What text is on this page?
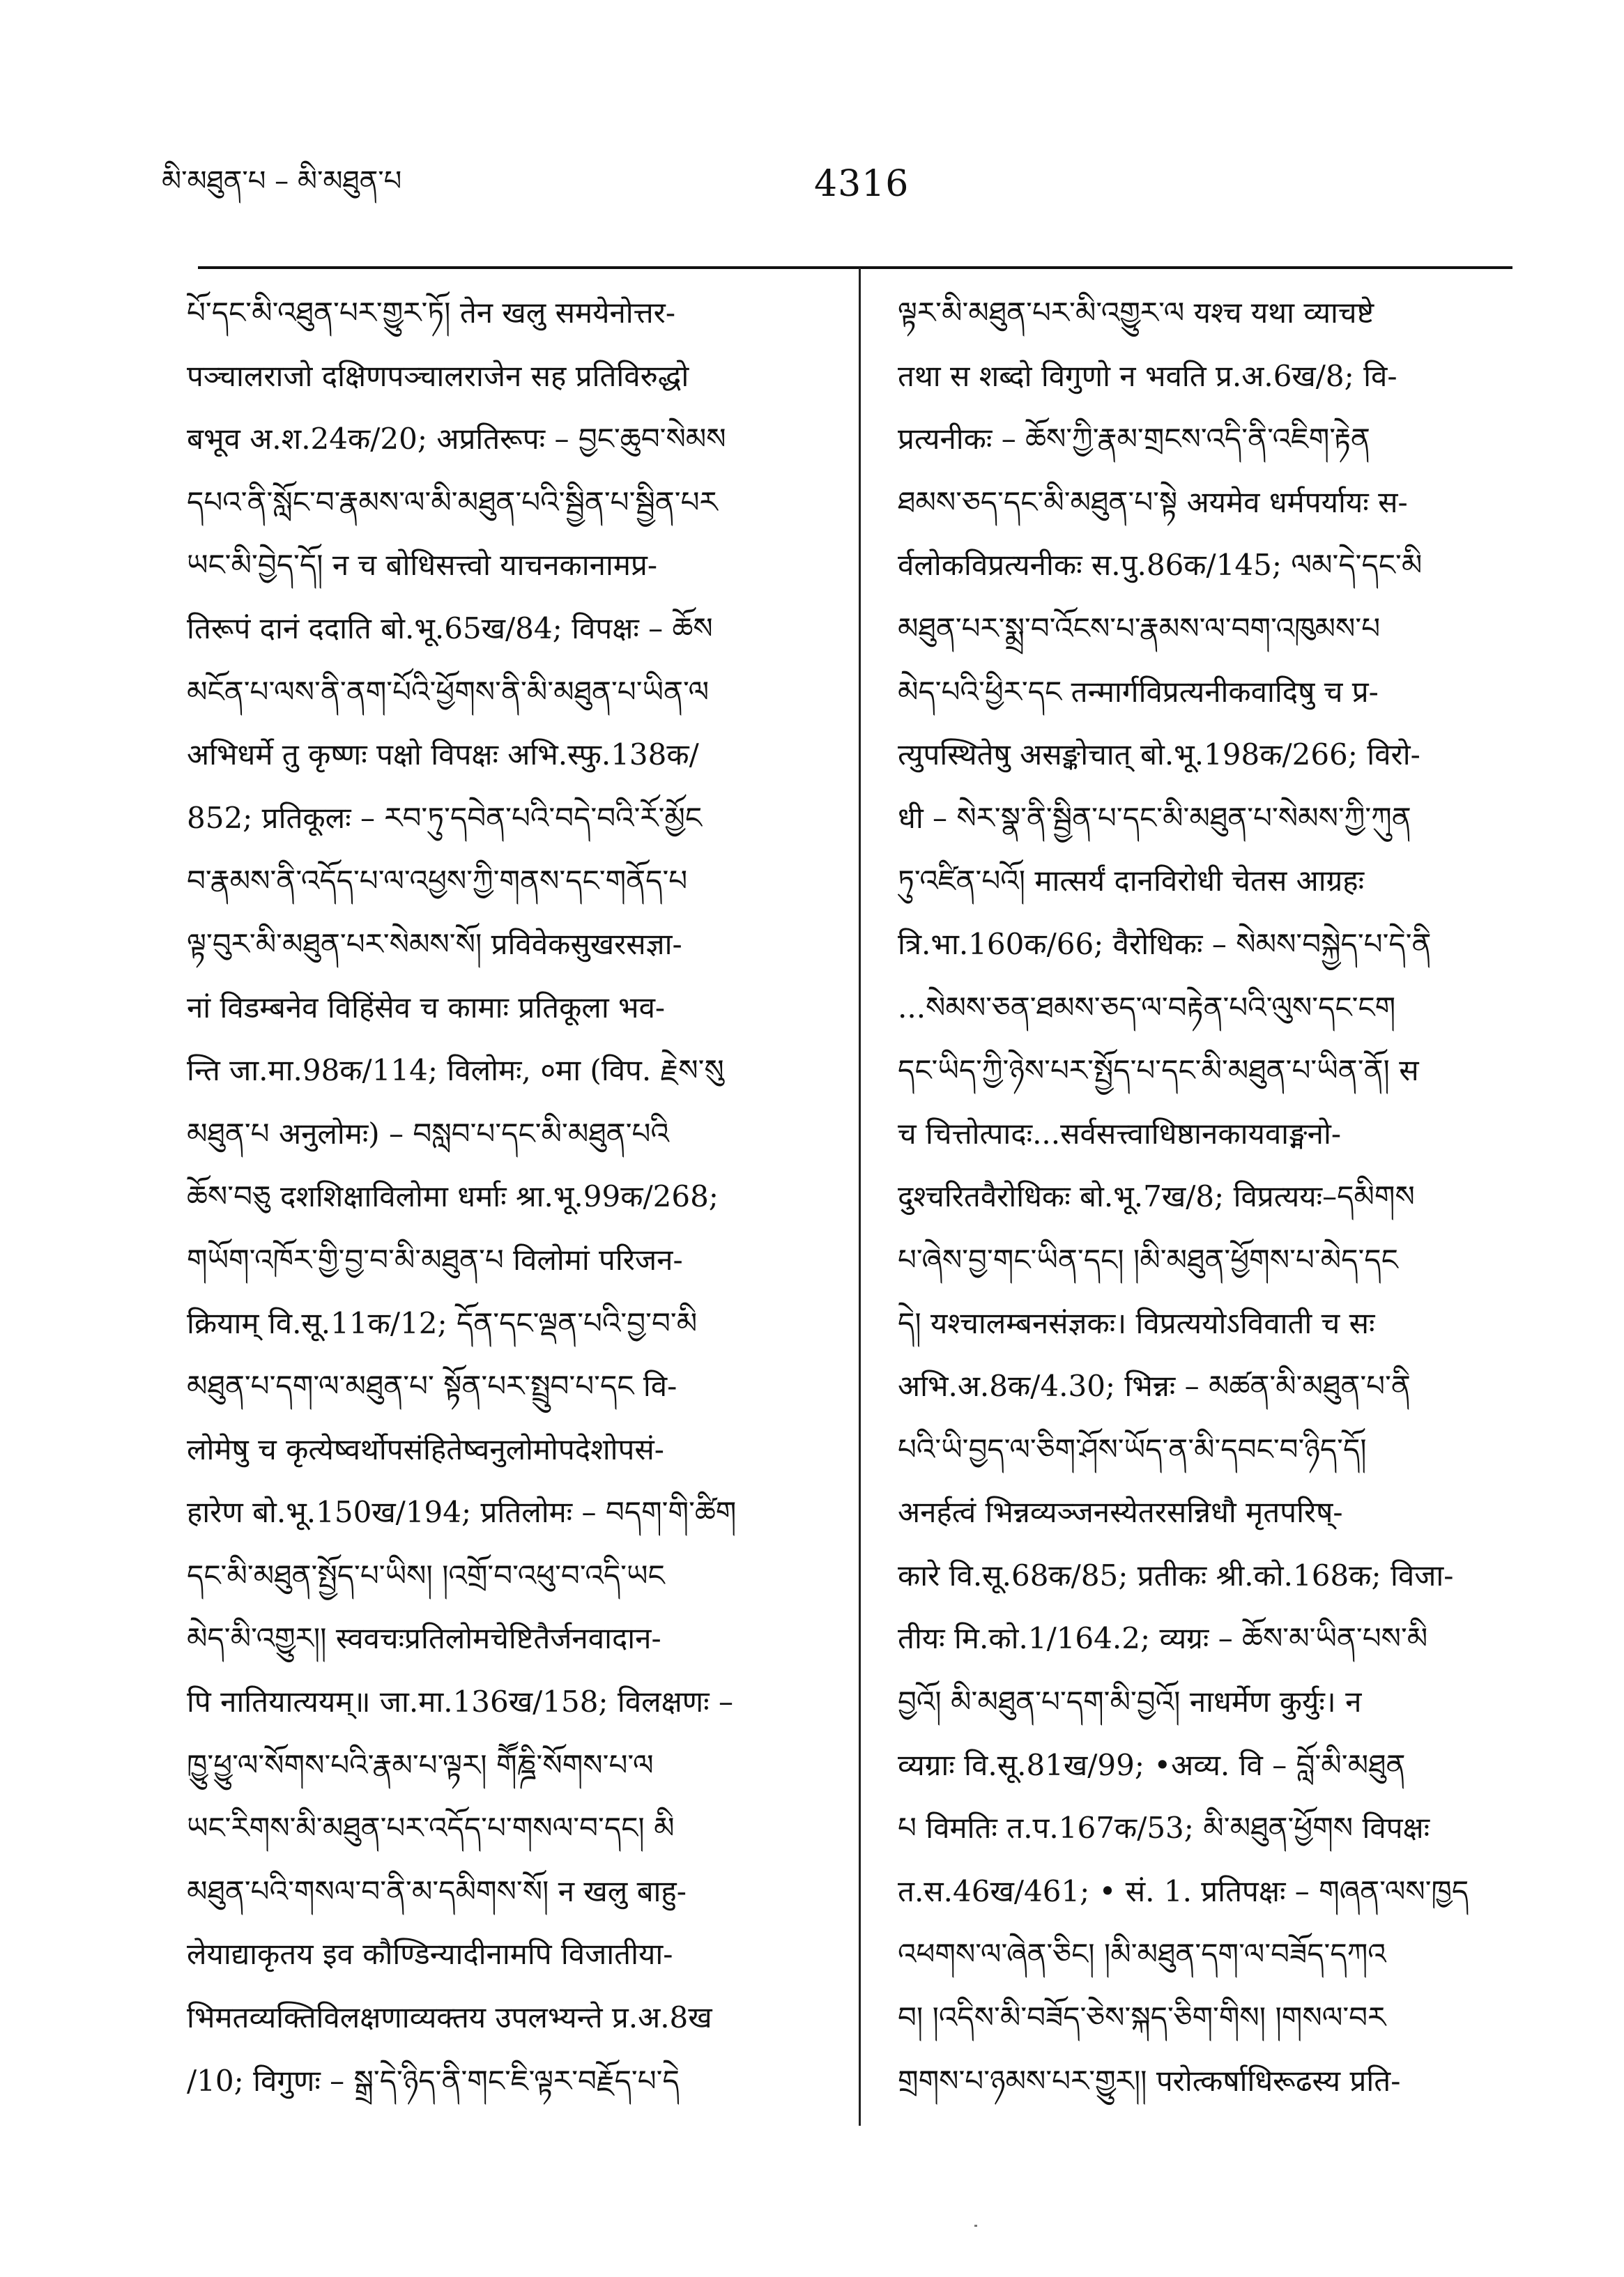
མི་མཐུན་པ – མི་མཐུན་པ	4316
པོ་དང་མི་འཐུན་པར་གྱུར་ཏོ། तेन खलु समयेनोत्तर-
पञ्चालराजो दक्षिणपञ्चालराजेन सह प्रतिविरुद्धो
बभूव अ.श.24क/20; अप्रतिरूपः – བྱང་ཆུབ་སེམས
དཔའ་ནི་སློང་བ་རྣམས་ལ་མི་མཐུན་པའི་སྦྱིན་པ་སྦྱིན་པར
ཡང་མི་བྱེད་དོ། न च बोधिसत्त्वो याचनकानामप्र-
तिरूपं दानं ददाति बो.भू.65ख/84; विपक्षः – ཆོས
མངོན་པ་ལས་ནི་ནག་པོའི་ཕྱོགས་ནི་མི་མཐུན་པ་ཡིན་ལ
अभिधर्मे तु कृष्णः पक्षो विपक्षः अभि.स्फु.138क/
852; प्रतिकूलः – རབ་ཏུ་དབེན་པའི་བདེ་བའི་རོ་མྱོང
བ་རྣམས་ནི་འདོད་པ་ལ་འཕྱས་ཀྱི་གནས་དང་གནོད་པ
ལྟ་བུར་མི་མཐུན་པར་སེམས་སོ། प्रविवेकसुखरसज्ञा-
नां विडम्बनेव विहिंसेव च कामाः प्रतिकूला भव-
न्ति जा.मा.98क/114; विलोमः, ०मा (विप. རྗེས་སུ
མཐུན་པ अनुलोमः) – བསླབ་པ་དང་མི་མཐུན་པའི
ཆོས་བཅུ दशशिक्षाविलोमा धर्माः श्रा.भू.99क/268;
གཡོག་འཁོར་གྱི་བྱ་བ་མི་མཐུན་པ विलोमां परिजन-
क्रियाम् वि.सू.11क/12; དོན་དང་ལྡན་པའི་བྱ་བ་མི
མཐུན་པ་དག་ལ་མཐུན་པ་ སྟོན་པར་སྤྲུབ་པ་དང वि-
लोमेषु च कृत्येष्वर्थोपसंहितेष्वनुलोमोपदेशोपसं-
हारेण बो.भू.150ख/194; प्रतिलोमः – བདག་གི་ཚིག
དང་མི་མཐུན་སྤྱོད་པ་ཡིས། །འགྲོ་བ་འཕུ་བ་འདི་ཡང
མེད་མི་འགྱུར།། स्ववचःप्रतिलोमचेष्टितैर्जनवादान-
पि नातियात्ययम्॥ जा.मा.136ख/158; विलक्षणः –
ཁྱུ་ཕྱུ་ལ་སོགས་པའི་རྣམ་པ་ལྟར། གཽཎྜི་སོགས་པ་ལ
ཡང་རིགས་མི་མཐུན་པར་འདོད་པ་གསལ་བ་དང། མི
མཐུན་པའི་གསལ་བ་ནི་མ་དམིགས་སོ། न खलु बाहु-
लेयाद्याकृतय इव कौण्डिन्यादीनामपि विजातीया-
भिमतव्यक्तिविलक्षणाव्यक्तय उपलभ्यन्ते प्र.अ.8ख
/10; विगुणः – སྒྲ་དེ་ཉིད་ནི་གང་ཇི་ལྟར་བརྗོད་པ་དེ
ལྟར་མི་མཐུན་པར་མི་འགྱུར་ལ यश्च यथा व्याचष्टे
तथा स शब्दो विगुणो न भवति प्र.अ.6ख/8; वि-
प्रत्यनीकः – ཆོས་ཀྱི་རྣམ་གྲངས་འདི་ནི་འཇིག་རྟེན
ཐམས་ཅད་དང་མི་མཐུན་པ་སྟེ अयमेव धर्मपर्यायः स-
र्वलोकविप्रत्यनीकः स.पु.86क/145; ལམ་དེ་དང་མི
མཐུན་པར་སྨྲ་བ་འོངས་པ་རྣམས་ལ་བག་འཁུམས་པ
མེད་པའི་ཕྱིར་དང तन्मार्गविप्रत्यनीकवादिषु च प्र-
त्युपस्थितेषु असङ्कोचात् बो.भू.198क/266; विरो-
धी – སེར་སྣ་ནི་སྦྱིན་པ་དང་མི་མཐུན་པ་སེམས་ཀྱི་ཀུན
ཏུ་འཛིན་པའོ། मात्सर्यं दानविरोधी चेतस आग्रहः
त्रि.भा.160क/66; वैरोधिकः – སེམས་བསྐྱེད་པ་དེ་ནི
...སེམས་ཅན་ཐམས་ཅད་ལ་བརྟེན་པའི་ལུས་དང་ངག
དང་ཡིད་ཀྱི་ཉེས་པར་སྤྱོད་པ་དང་མི་མཐུན་པ་ཡིན་ནོ། स
च चित्तोत्पादः...सर्वसत्त्वाधिष्ठानकायवाङ्मनो-
दुश्चरितवैरोधिकः बो.भू.7ख/8; विप्रत्ययः–དམིགས
པ་ཞེས་བྱ་གང་ཡིན་དང། །མི་མཐུན་ཕྱོགས་པ་མེད་དང
དེ། यश्चालम्बनसंज्ञकः। विप्रत्ययोऽविवाती च सः
अभि.अ.8क/4.30; भिन्नः – མཚན་མི་མཐུན་པ་ནི
པའི་ཡི་བྱད་ལ་ཅིག་ཤོས་ཡོད་ན་མི་དབང་བ་ཉིད་དོ།
अनर्हत्वं भिन्नव्यञ्जनस्येतरसन्निधौ मृतपरिष्-
कारे वि.सू.68क/85; प्रतीकः श्री.को.168क; विजा-
तीयः मि.को.1/164.2; व्यग्रः – ཆོས་མ་ཡིན་པས་མི
བྱའོ། མི་མཐུན་པ་དག་མི་བྱའོ། नाधर्मेण कुर्युः। न
व्यग्राः वि.सू.81ख/99; •अव्य. वि – བློ་མི་མཐུན
པ विमतिः त.प.167क/53; མི་མཐུན་ཕྱོགས विपक्षः
त.स.46ख/461; • सं. 1. प्रतिपक्षः – གཞན་ལས་ཁྱད
འཕགས་ལ་ཞེན་ཅིང། །མི་མཐུན་དག་ལ་བཟོད་དཀའ
བ། །འདིས་མི་བཟོད་ཅེས་སྐད་ཅིག་གིས། །གསལ་བར
གྲགས་པ་ཉམས་པར་གྱུར།། परोत्कर्षाधिरूढस्य प्रति-
